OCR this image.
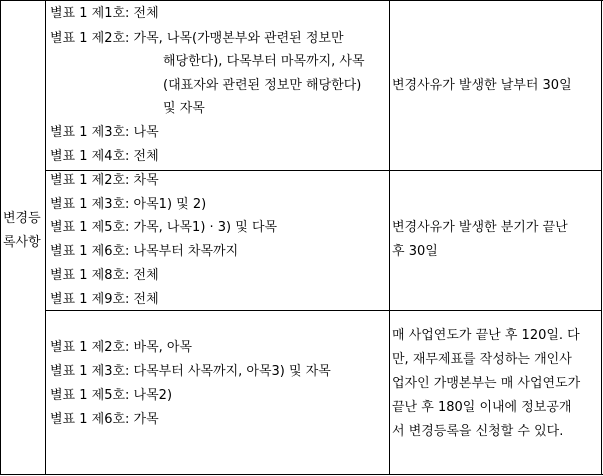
변경등
록사항
별표 1 제1호: 전체
별표 1 제2호: 가목, 나목(가맹본부와 관련된 정보만
해당한다), 다목부터 마목까지, 사목
(대표자와 관련된 정보만 해당한다)
및 자목
별표 1 제3호: 나목
별표 1 제4호: 전체
변경사유가 발생한 날부터 30일
별표 1 제2호: 차목
별표 1 제3호: 아목1) 및 2)
별표 1 제5호: 가목, 나목1) · 3) 및 다목
별표 1 제6호: 나목부터 차목까지
별표 1 제8호: 전체
별표 1 제9호: 전체
변경사유가 발생한 분기가 끝난
후 30일
별표 1 제2호: 바목, 아목
별표 1 제3호: 다목부터 사목까지, 아목3) 및 자목
별표 1 제5호: 나목2)
별표 1 제6호: 가목
매 사업연도가 끝난 후 120일. 다
만, 재무제표를 작성하는 개인사
업자인 가맹본부는 매 사업연도가
끝난 후 180일 이내에 정보공개
서 변경등록을 신청할 수 있다.
